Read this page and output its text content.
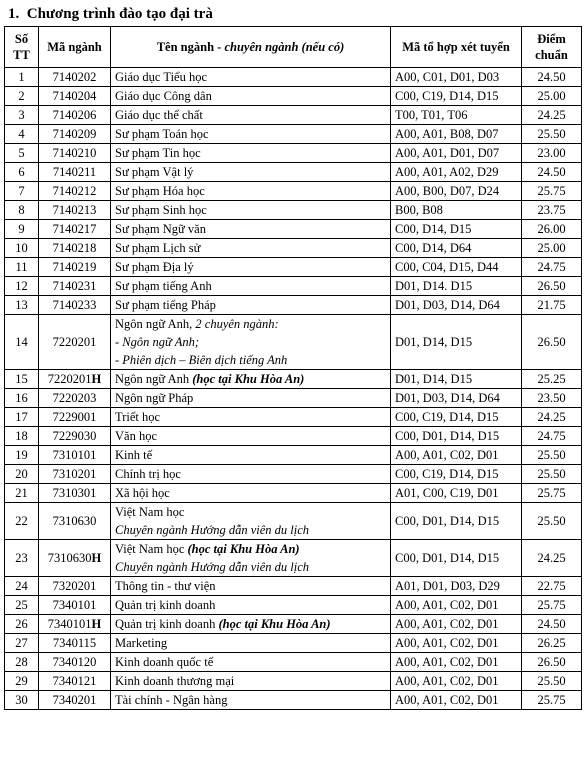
1. Chương trình đào tạo đại trà
Số TT	Mã ngành	Tên ngành - chuyên ngành (nếu có)	Mã tổ hợp xét tuyển	Điểm chuẩn
1	7140202	Giáo dục Tiểu học	A00, C01, D01, D03	24.50
2	7140204	Giáo dục Công dân	C00, C19, D14, D15	25.00
3	7140206	Giáo dục thể chất	T00, T01, T06	24.25
4	7140209	Sư phạm Toán học	A00, A01, B08, D07	25.50
5	7140210	Sư phạm Tin học	A00, A01, D01, D07	23.00
6	7140211	Sư phạm Vật lý	A00, A01, A02, D29	24.50
7	7140212	Sư phạm Hóa học	A00, B00, D07, D24	25.75
8	7140213	Sư phạm Sinh học	B00, B08	23.75
9	7140217	Sư phạm Ngữ văn	C00, D14, D15	26.00
10	7140218	Sư phạm Lịch sử	C00, D14, D64	25.00
11	7140219	Sư phạm Địa lý	C00, C04, D15, D44	24.75
12	7140231	Sư phạm tiếng Anh	D01, D14. D15	26.50
13	7140233	Sư phạm tiếng Pháp	D01, D03, D14, D64	21.75
14	7220201	Ngôn ngữ Anh, 2 chuyên ngành:
- Ngôn ngữ Anh;
- Phiên dịch – Biên dịch tiếng Anh	D01, D14, D15	26.50
15	7220201H	Ngôn ngữ Anh (học tại Khu Hòa An)	D01, D14, D15	25.25
16	7220203	Ngôn ngữ Pháp	D01, D03, D14, D64	23.50
17	7229001	Triết học	C00, C19, D14, D15	24.25
18	7229030	Văn học	C00, D01, D14, D15	24.75
19	7310101	Kinh tế	A00, A01, C02, D01	25.50
20	7310201	Chính trị học	C00, C19, D14, D15	25.50
21	7310301	Xã hội học	A01, C00, C19, D01	25.75
22	7310630	Việt Nam học
Chuyên ngành Hướng dẫn viên du lịch	C00, D01, D14, D15	25.50
23	7310630H	Việt Nam học (học tại Khu Hòa An)
Chuyên ngành Hướng dẫn viên du lịch	C00, D01, D14, D15	24.25
24	7320201	Thông tin - thư viện	A01, D01, D03, D29	22.75
25	7340101	Quản trị kinh doanh	A00, A01, C02, D01	25.75
26	7340101H	Quản trị kinh doanh (học tại Khu Hòa An)	A00, A01, C02, D01	24.50
27	7340115	Marketing	A00, A01, C02, D01	26.25
28	7340120	Kinh doanh quốc tế	A00, A01, C02, D01	26.50
29	7340121	Kinh doanh thương mại	A00, A01, C02, D01	25.50
30	7340201	Tài chính - Ngân hàng	A00, A01, C02, D01	25.75
